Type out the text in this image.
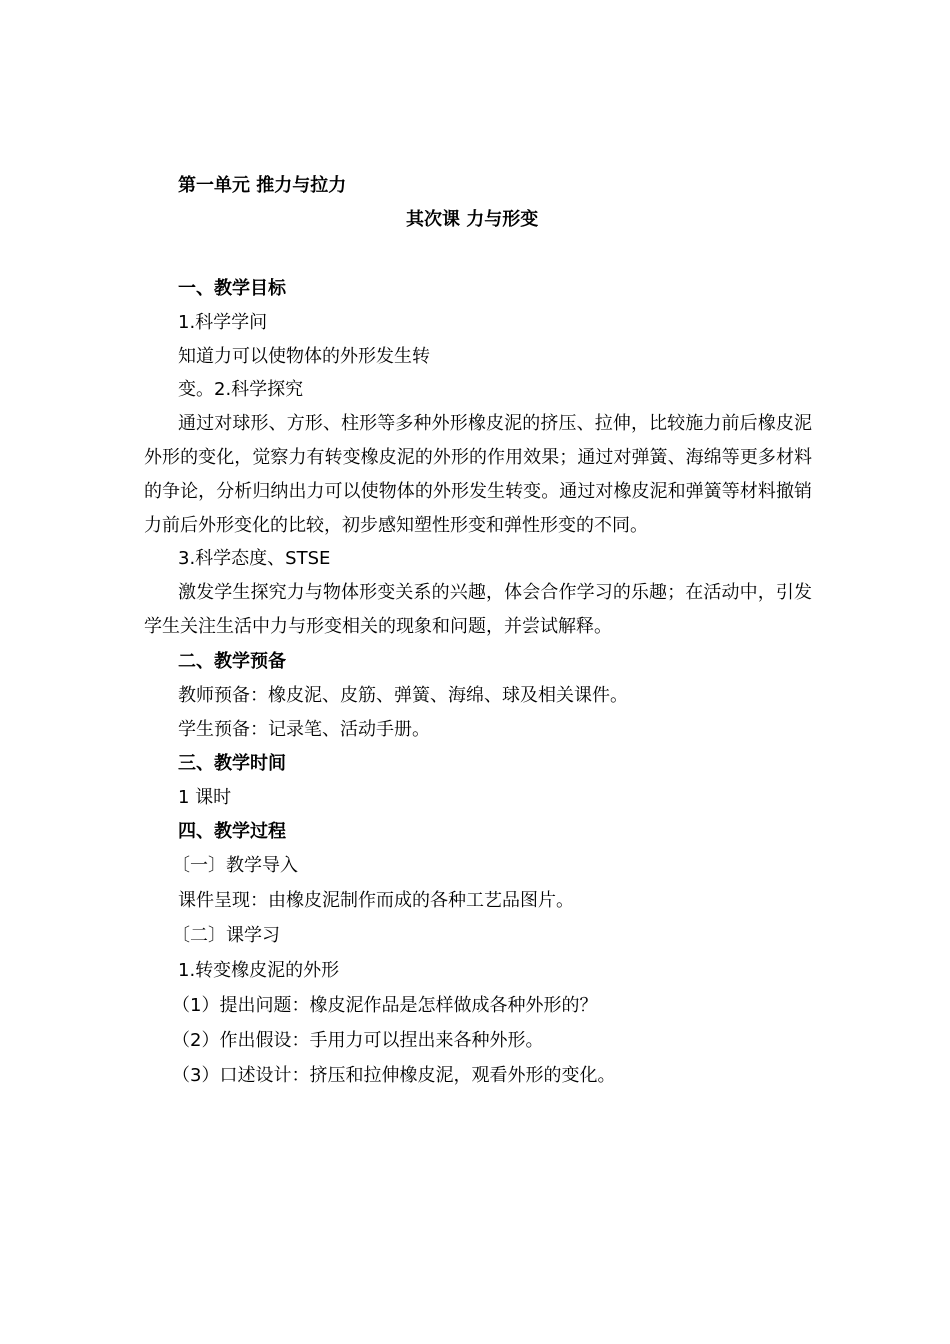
第一单元 推力与拉力
其次课 力与形变
一、教学目标
1.科学学问
知道力可以使物体的外形发生转
变。2.科学探究
通过对球形、方形、柱形等多种外形橡皮泥的挤压、拉伸，比较施力前后橡皮泥外形的变化，觉察力有转变橡皮泥的外形的作用效果；通过对弹簧、海绵等更多材料的争论，分析归纳出力可以使物体的外形发生转变。通过对橡皮泥和弹簧等材料撤销力前后外形变化的比较，初步感知塑性形变和弹性形变的不同。
3.科学态度、STSE
激发学生探究力与物体形变关系的兴趣，体会合作学习的乐趣；在活动中，引发学生关注生活中力与形变相关的现象和问题，并尝试解释。
二、教学预备
教师预备：橡皮泥、皮筋、弹簧、海绵、球及相关课件。
学生预备：记录笔、活动手册。
三、教学时间
1 课时
四、教学过程
〔一〕教学导入
课件呈现：由橡皮泥制作而成的各种工艺品图片。
〔二〕课学习
1.转变橡皮泥的外形
（1）提出问题：橡皮泥作品是怎样做成各种外形的？
（2）作出假设：手用力可以捏出来各种外形。
（3）口述设计：挤压和拉伸橡皮泥，观看外形的变化。
